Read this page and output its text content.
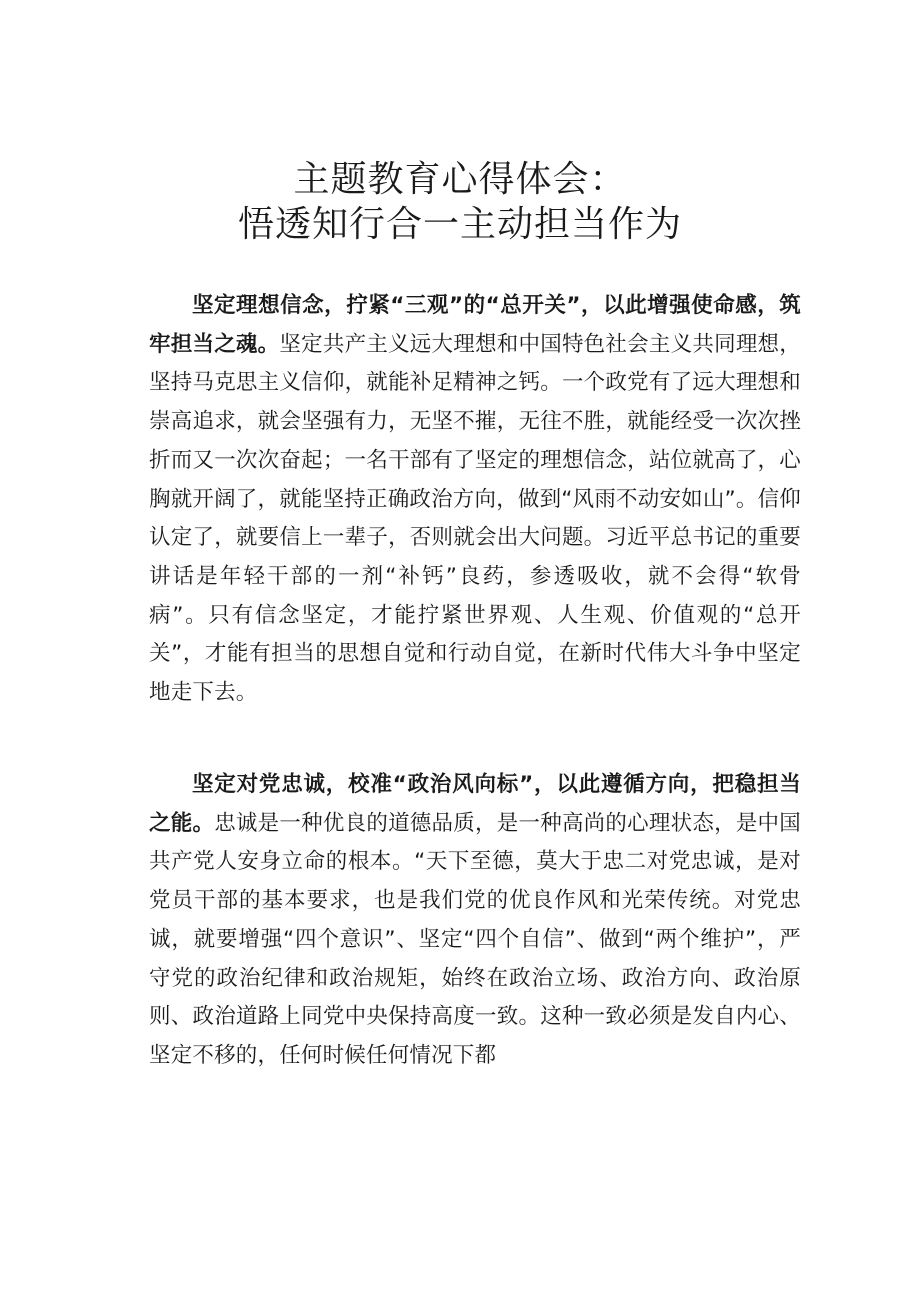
主题教育心得体会：
悟透知行合一主动担当作为

坚定理想信念，拧紧“三观”的“总开关”，以此增强使命感，筑牢担当之魂。坚定共产主义远大理想和中国特色社会主义共同理想，坚持马克思主义信仰，就能补足精神之钙。一个政党有了远大理想和崇高追求，就会坚强有力，无坚不摧，无往不胜，就能经受一次次挫折而又一次次奋起；一名干部有了坚定的理想信念，站位就高了，心胸就开阔了，就能坚持正确政治方向，做到“风雨不动安如山”。信仰认定了，就要信上一辈子，否则就会出大问题。习近平总书记的重要讲话是年轻干部的一剂“补钙”良药，参透吸收，就不会得“软骨病”。只有信念坚定，才能拧紧世界观、人生观、价值观的“总开关”，才能有担当的思想自觉和行动自觉，在新时代伟大斗争中坚定地走下去。

坚定对党忠诚，校准“政治风向标”，以此遵循方向，把稳担当之能。忠诚是一种优良的道德品质，是一种高尚的心理状态，是中国共产党人安身立命的根本。“天下至德，莫大于忠二对党忠诚，是对党员干部的基本要求，也是我们党的优良作风和光荣传统。对党忠诚，就要增强“四个意识”、坚定“四个自信”、做到“两个维护”，严守党的政治纪律和政治规矩，始终在政治立场、政治方向、政治原则、政治道路上同党中央保持高度一致。这种一致必须是发自内心、坚定不移的，任何时候任何情况下都
